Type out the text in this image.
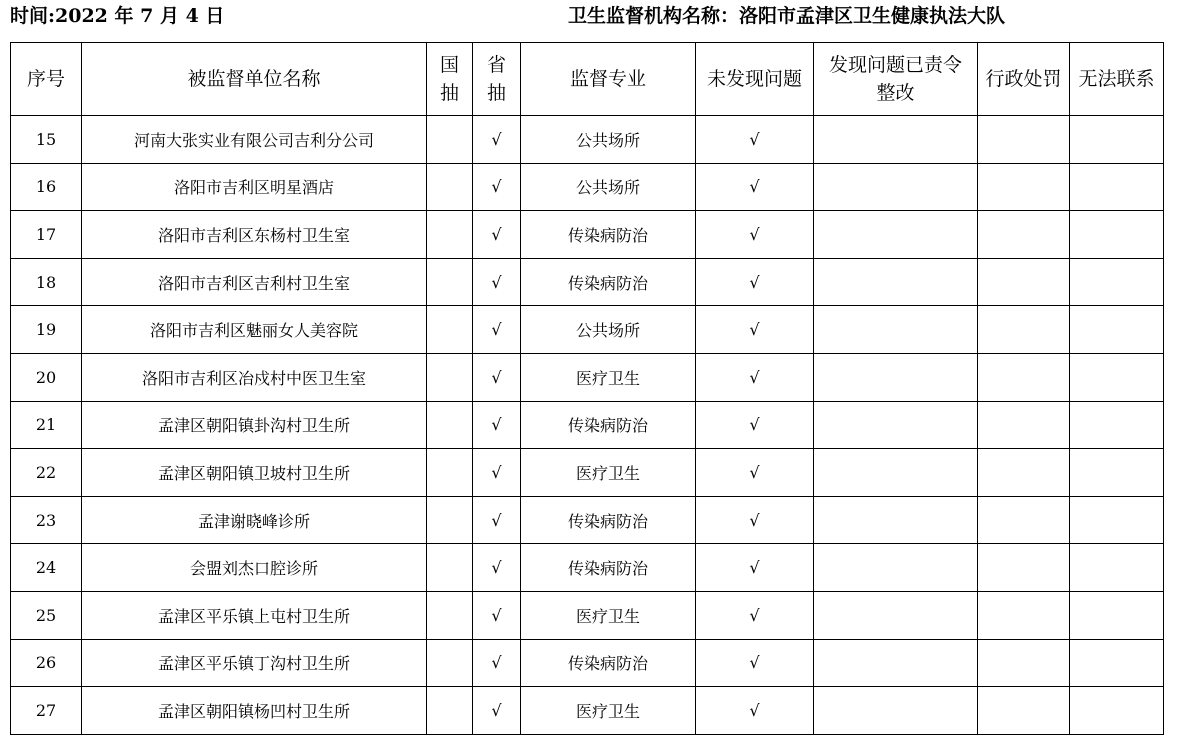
时间:2022 年 7 月 4 日	卫生监督机构名称：洛阳市孟津区卫生健康执法大队
序号	被监督单位名称	国抽	省抽	监督专业	未发现问题	发现问题已责令整改	行政处罚	无法联系

15	河南大张实业有限公司吉利分公司		√	公共场所	√			
16	洛阳市吉利区明星酒店		√	公共场所	√			
17	洛阳市吉利区东杨村卫生室		√	传染病防治	√			
18	洛阳市吉利区吉利村卫生室		√	传染病防治	√			
19	洛阳市吉利区魅丽女人美容院		√	公共场所	√			
20	洛阳市吉利区冶戍村中医卫生室		√	医疗卫生	√			
21	孟津区朝阳镇卦沟村卫生所		√	传染病防治	√			
22	孟津区朝阳镇卫坡村卫生所		√	医疗卫生	√			
23	孟津谢晓峰诊所		√	传染病防治	√			
24	会盟刘杰口腔诊所		√	传染病防治	√			
25	孟津区平乐镇上屯村卫生所		√	医疗卫生	√			
26	孟津区平乐镇丁沟村卫生所		√	传染病防治	√			
27	孟津区朝阳镇杨凹村卫生所		√	医疗卫生	√			
